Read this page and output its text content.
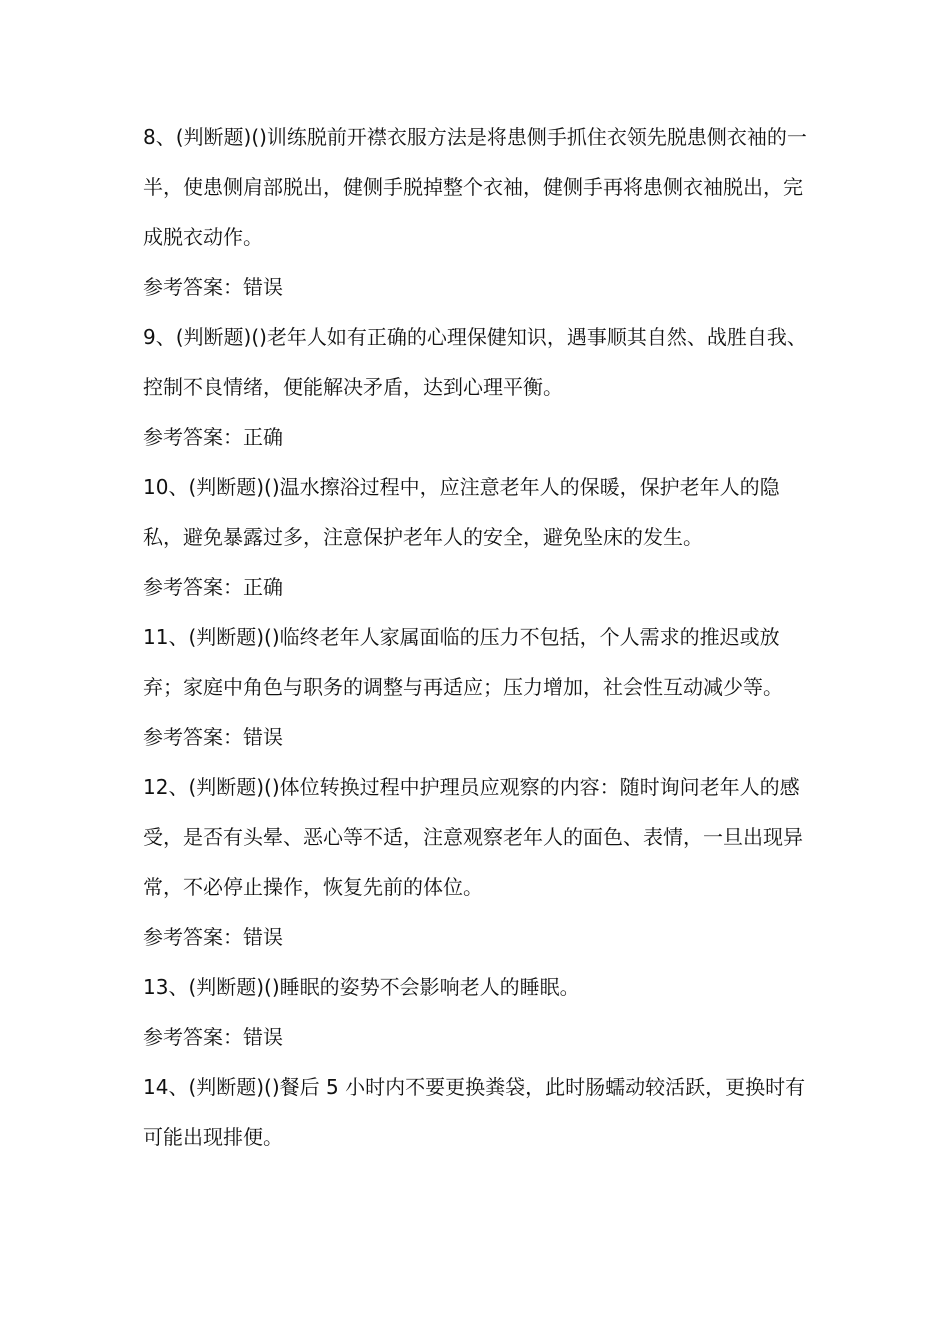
8、(判断题)()训练脱前开襟衣服方法是将患侧手抓住衣领先脱患侧衣袖的一半，使患侧肩部脱出，健侧手脱掉整个衣袖，健侧手再将患侧衣袖脱出，完成脱衣动作。

参考答案：错误

9、(判断题)()老年人如有正确的心理保健知识，遇事顺其自然、战胜自我、控制不良情绪，便能解决矛盾，达到心理平衡。

参考答案：正确

10、(判断题)()温水擦浴过程中，应注意老年人的保暖，保护老年人的隐私，避免暴露过多，注意保护老年人的安全，避免坠床的发生。

参考答案：正确

11、(判断题)()临终老年人家属面临的压力不包括，个人需求的推迟或放弃；家庭中角色与职务的调整与再适应；压力增加，社会性互动减少等。

参考答案：错误

12、(判断题)()体位转换过程中护理员应观察的内容：随时询问老年人的感受，是否有头晕、恶心等不适，注意观察老年人的面色、表情，一旦出现异常，不必停止操作，恢复先前的体位。

参考答案：错误

13、(判断题)()睡眠的姿势不会影响老人的睡眠。

参考答案：错误

14、(判断题)()餐后 5 小时内不要更换粪袋，此时肠蠕动较活跃，更换时有可能出现排便。
